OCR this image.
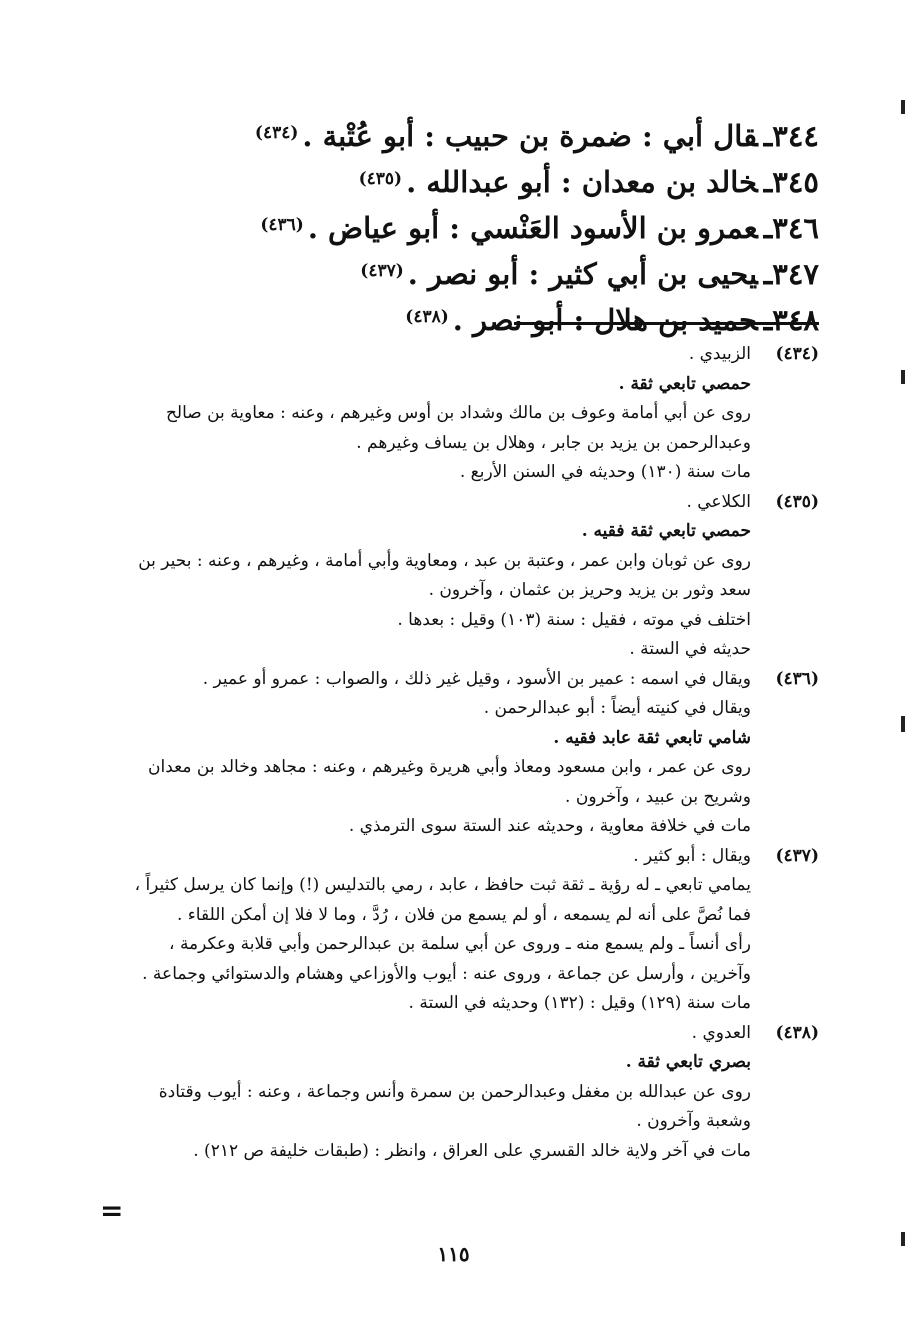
٣٤٤ـقال أبي : ضمرة بن حبيب : أبو عُتْبة .$^{(٤٣٤)}$
٣٤٥ـخالد بن معدان : أبو عبدالله .$^{(٤٣٥)}$
٣٤٦ـعمرو بن الأسود العَنْسي : أبو عياض .$^{(٤٣٦)}$
٣٤٧ـيحيى بن أبي كثير : أبو نصر .$^{(٤٣٧)}$
٣٤٨ـحميد بن هلال : أبو نصر .$^{(٤٣٨)}$
(٤٣٤)
الزبيدي .
حمصي تابعي ثقة .
روى عن أبي أمامة وعوف بن مالك وشداد بن أوس وغيرهم ، وعنه : معاوية بن صالح
وعبدالرحمن بن يزيد بن جابر ، وهلال بن يساف وغيرهم .
مات سنة (١٣٠) وحديثه في السنن الأربع .
(٤٣٥)
الكلاعي .
حمصي تابعي ثقة فقيه .
روى عن ثوبان وابن عمر ، وعتبة بن عبد ، ومعاوية وأبي أمامة ، وغيرهم ، وعنه : بحير بن
سعد وثور بن يزيد وحريز بن عثمان ، وآخرون .
اختلف في موته ، فقيل : سنة (١٠٣) وقيل : بعدها .
حديثه في الستة .
(٤٣٦)
ويقال في اسمه : عمير بن الأسود ، وقيل غير ذلك ، والصواب : عمرو أو عمير .
ويقال في كنيته أيضاً : أبو عبدالرحمن .
شامي تابعي ثقة عابد فقيه .
روى عن عمر ، وابن مسعود ومعاذ وأبي هريرة وغيرهم ، وعنه : مجاهد وخالد بن معدان
وشريح بن عبيد ، وآخرون .
مات في خلافة معاوية ، وحديثه عند الستة سوى الترمذي .
(٤٣٧)
ويقال : أبو كثير .
يمامي تابعي ـ له رؤية ـ ثقة ثبت حافظ ، عابد ، رمي بالتدليس (!) وإنما كان يرسل كثيراً ،
فما نُصَّ على أنه لم يسمعه ، أو لم يسمع من فلان ، رُدَّ ، وما لا فلا إن أمكن اللقاء .
رأى أنساً ـ ولم يسمع منه ـ وروى عن أبي سلمة بن عبدالرحمن وأبي قلابة وعكرمة ،
وآخرين ، وأرسل عن جماعة ، وروى عنه : أيوب والأوزاعي وهشام والدستوائي وجماعة .
مات سنة (١٢٩) وقيل : (١٣٢) وحديثه في الستة .
(٤٣٨)
العدوي .
بصري تابعي ثقة .
روى عن عبدالله بن مغفل وعبدالرحمن بن سمرة وأنس وجماعة ، وعنه : أيوب وقتادة
وشعبة وآخرون .
مات في آخر ولاية خالد القسري على العراق ، وانظر : (طبقات خليفة ص ٢١٢) .
=
١١٥
